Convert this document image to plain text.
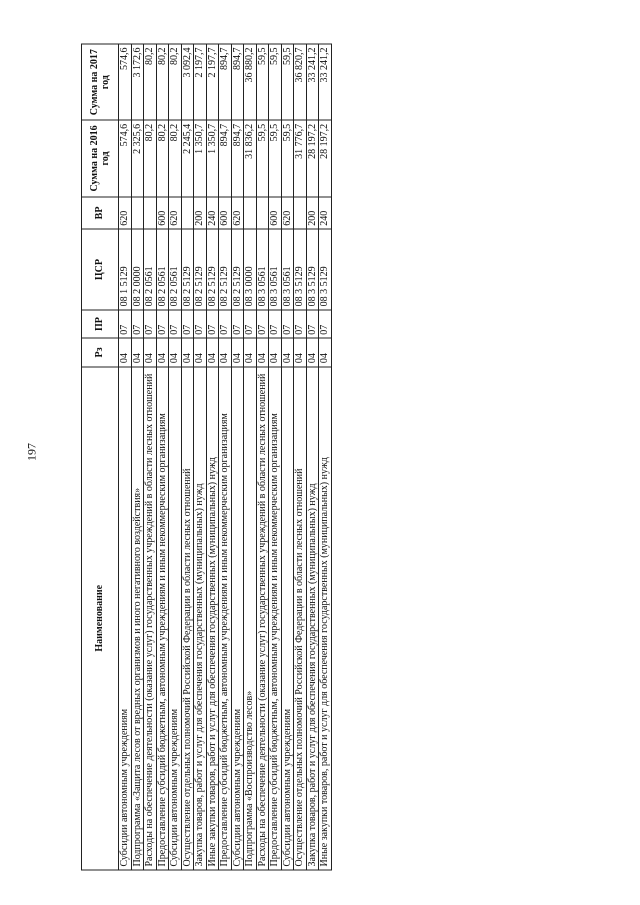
197
Наименование	Рз	ПР	ЦСР	ВР	Сумма на 2016 год	Сумма на 2017 год
Субсидии автономным учреждениям	04	07	08 1 5129	620	574,6	574,6
Подпрограмма «Защита лесов от вредных организмов и иного негативного воздействия»	04	07	08 2 0000		2 325,6	3 172,6
Расходы на обеспечение деятельности (оказание услуг) государственных учреждений в области лесных отношений	04	07	08 2 0561		80,2	80,2
Предоставление субсидий бюджетным, автономным учреждениям и иным некоммерческим организациям	04	07	08 2 0561	600	80,2	80,2
Субсидии автономным учреждениям	04	07	08 2 0561	620	80,2	80,2
Осуществление отдельных полномочий Российской Федерации в области лесных отношений	04	07	08 2 5129		2 245,4	3 092,4
Закупка товаров, работ и услуг для обеспечения государственных (муниципальных) нужд	04	07	08 2 5129	200	1 350,7	2 197,7
Иные закупки товаров, работ и услуг для обеспечения государственных (муниципальных) нужд	04	07	08 2 5129	240	1 350,7	2 197,7
Предоставление субсидий бюджетным, автономным учреждениям и иным некоммерческим организациям	04	07	08 2 5129	600	894,7	894,7
Субсидии автономным учреждениям	04	07	08 2 5129	620	894,7	894,7
Подпрограмма «Воспроизводство лесов»	04	07	08 3 0000		31 836,2	36 880,2
Расходы на обеспечение деятельности (оказание услуг) государственных учреждений в области лесных отношений	04	07	08 3 0561		59,5	59,5
Предоставление субсидий бюджетным, автономным учреждениям и иным некоммерческим организациям	04	07	08 3 0561	600	59,5	59,5
Субсидии автономным учреждениям	04	07	08 3 0561	620	59,5	59,5
Осуществление отдельных полномочий Российской Федерации в области лесных отношений	04	07	08 3 5129		31 776,7	36 820,7
Закупка товаров, работ и услуг для обеспечения государственных (муниципальных) нужд	04	07	08 3 5129	200	28 197,2	33 241,2
Иные закупки товаров, работ и услуг для обеспечения государственных (муниципальных) нужд	04	07	08 3 5129	240	28 197,2	33 241,2
